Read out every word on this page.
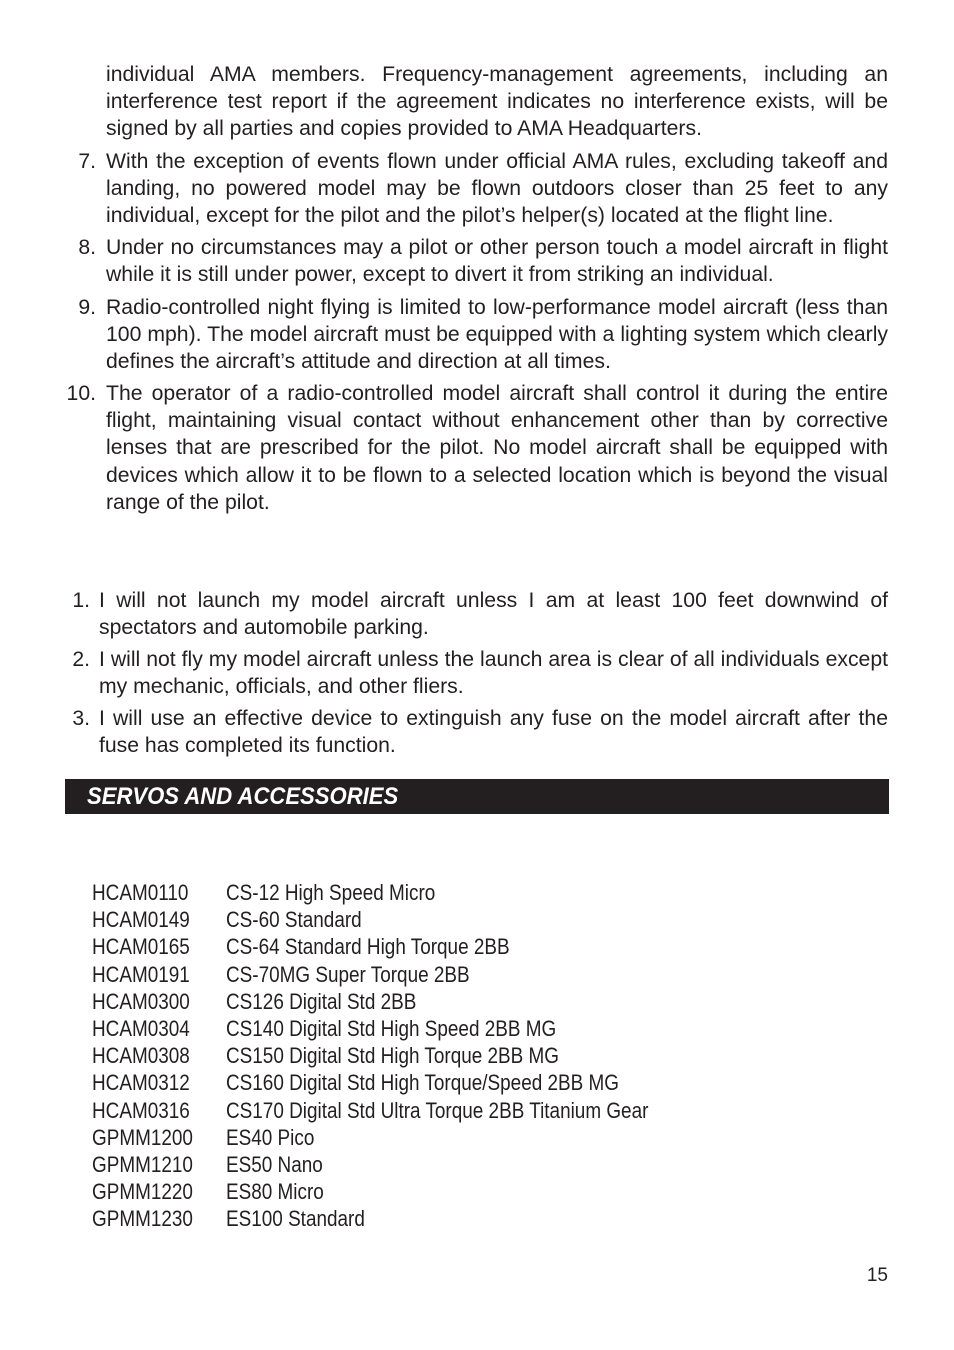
individual AMA members. Frequency-management agreements, including an interference test report if the agreement indicates no interference exists, will be signed by all parties and copies provided to AMA Headquarters.
7. With the exception of events flown under official AMA rules, excluding takeoff and landing, no powered model may be flown outdoors closer than 25 feet to any individual, except for the pilot and the pilot’s helper(s) located at the flight line.
8. Under no circumstances may a pilot or other person touch a model aircraft in flight while it is still under power, except to divert it from striking an individual.
9. Radio-controlled night flying is limited to low-performance model aircraft (less than 100 mph). The model aircraft must be equipped with a lighting system which clearly defines the aircraft’s attitude and direction at all times.
10. The operator of a radio-controlled model aircraft shall control it during the entire flight, maintaining visual contact without enhancement other than by corrective lenses that are prescribed for the pilot. No model aircraft shall be equipped with devices which allow it to be flown to a selected location which is beyond the visual range of the pilot.
1. I will not launch my model aircraft unless I am at least 100 feet downwind of spectators and automobile parking.
2. I will not fly my model aircraft unless the launch area is clear of all individuals except my mechanic, officials, and other fliers.
3. I will use an effective device to extinguish any fuse on the model aircraft after the fuse has completed its function.
SERVOS AND ACCESSORIES
HCAM0110 CS-12 High Speed Micro
HCAM0149 CS-60 Standard
HCAM0165 CS-64 Standard High Torque 2BB
HCAM0191 CS-70MG Super Torque 2BB
HCAM0300 CS126 Digital Std 2BB
HCAM0304 CS140 Digital Std High Speed 2BB MG
HCAM0308 CS150 Digital Std High Torque 2BB MG
HCAM0312 CS160 Digital Std High Torque/Speed 2BB MG
HCAM0316 CS170 Digital Std Ultra Torque 2BB Titanium Gear
GPMM1200 ES40 Pico
GPMM1210 ES50 Nano
GPMM1220 ES80 Micro
GPMM1230 ES100 Standard
15
